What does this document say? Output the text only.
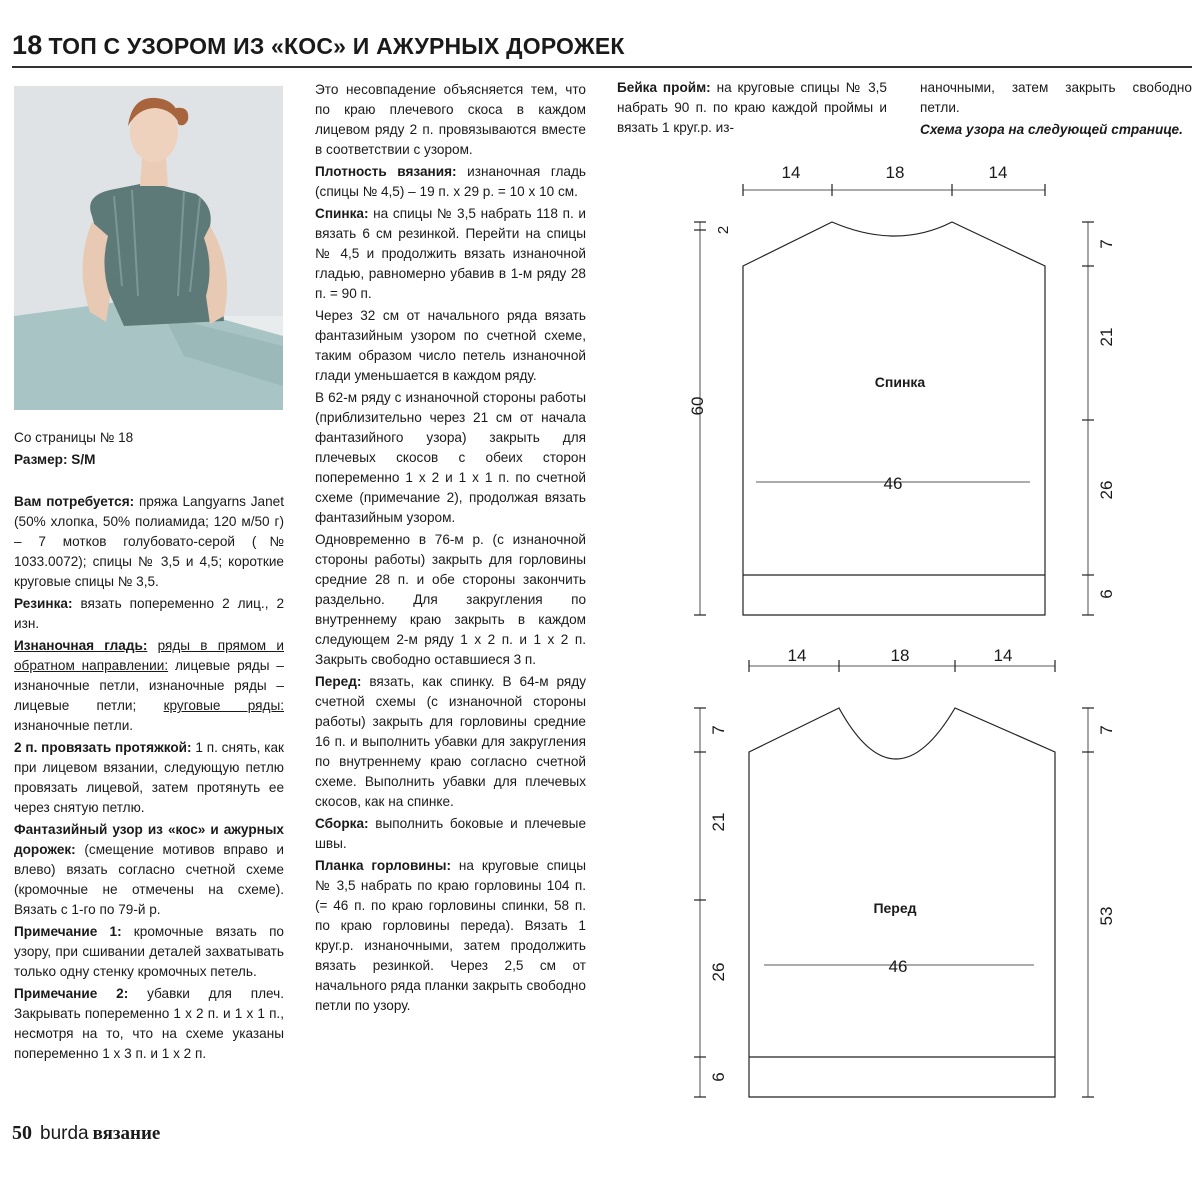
18 ТОП С УЗОРОМ ИЗ «КОС» И АЖУРНЫХ ДОРОЖЕК

Со страницы № 18

Размер: S/M

Вам потребуется: пряжа Langyarns Janet (50% хлопка, 50% полиамида; 120 м/50 г) – 7 мотков голубовато-серой (№ 1033.0072); спицы № 3,5 и 4,5; короткие круговые спицы № 3,5.

Резинка: вязать попеременно 2 лиц., 2 изн.

Изнаночная гладь: ряды в прямом и обратном направлении: лицевые ряды – изнаночные петли, изнаночные ряды – лицевые петли; круговые ряды: изнаночные петли.

2 п. провязать протяжкой: 1 п. снять, как при лицевом вязании, следующую петлю провязать лицевой, затем протянуть ее через снятую петлю.

Фантазийный узор из «кос» и ажурных дорожек: (смещение мотивов вправо и влево) вязать согласно счетной схеме (кромочные не отмечены на схеме). Вязать с 1-го по 79-й р.

Примечание 1: кромочные вязать по узору, при сшивании деталей захватывать только одну стенку кромочных петель.

Примечание 2: убавки для плеч. Закрывать попеременно 1 х 2 п. и 1 х 1 п., несмотря на то, что на схеме указаны попеременно 1 х 3 п. и 1 х 2 п.

Это несовпадение объясняется тем, что по краю плечевого скоса в каждом лицевом ряду 2 п. провязываются вместе в соответствии с узором.

Плотность вязания: изнаночная гладь (спицы № 4,5) – 19 п. х 29 р. = 10 х 10 см.

Спинка: на спицы № 3,5 набрать 118 п. и вязать 6 см резинкой. Перейти на спицы № 4,5 и продолжить вязать изнаночной гладью, равномерно убавив в 1-м ряду 28 п. = 90 п.

Через 32 см от начального ряда вязать фантазийным узором по счетной схеме, таким образом число петель изнаночной глади уменьшается в каждом ряду.

В 62-м ряду с изнаночной стороны работы (приблизительно через 21 см от начала фантазийного узора) закрыть для плечевых скосов с обеих сторон попеременно 1 х 2 и 1 х 1 п. по счетной схеме (примечание 2), продолжая вязать фантазийным узором.

Одновременно в 76-м р. (с изнаночной стороны работы) закрыть для горловины средние 28 п. и обе стороны закончить раздельно. Для закругления по внутреннему краю закрыть в каждом следующем 2-м ряду 1 х 2 п. и 1 х 2 п. Закрыть свободно оставшиеся 3 п.

Перед: вязать, как спинку. В 64-м ряду счетной схемы (с изнаночной стороны работы) закрыть для горловины средние 16 п. и выполнить убавки для закругления по внутреннему краю согласно счетной схеме. Выполнить убавки для плечевых скосов, как на спинке.

Сборка: выполнить боковые и плечевые швы.

Планка горловины: на круговые спицы № 3,5 набрать по краю горловины 104 п. (= 46 п. по краю горловины спинки, 58 п. по краю горловины переда). Вязать 1 круг.р. изнаночными, затем продолжить вязать резинкой. Через 2,5 см от начального ряда планки закрыть свободно петли по узору.

Бейка пройм: на круговые спицы № 3,5 набрать 90 п. по краю каждой проймы и вязать 1 круг.р. из-

наночными, затем закрыть свободно петли.

Схема узора на следующей странице.

14	18	14
Спинка
46
2
60
7
21
26
6
14	18	14
Перед
46
7
21
26
6
7
53
50 burda вязание
